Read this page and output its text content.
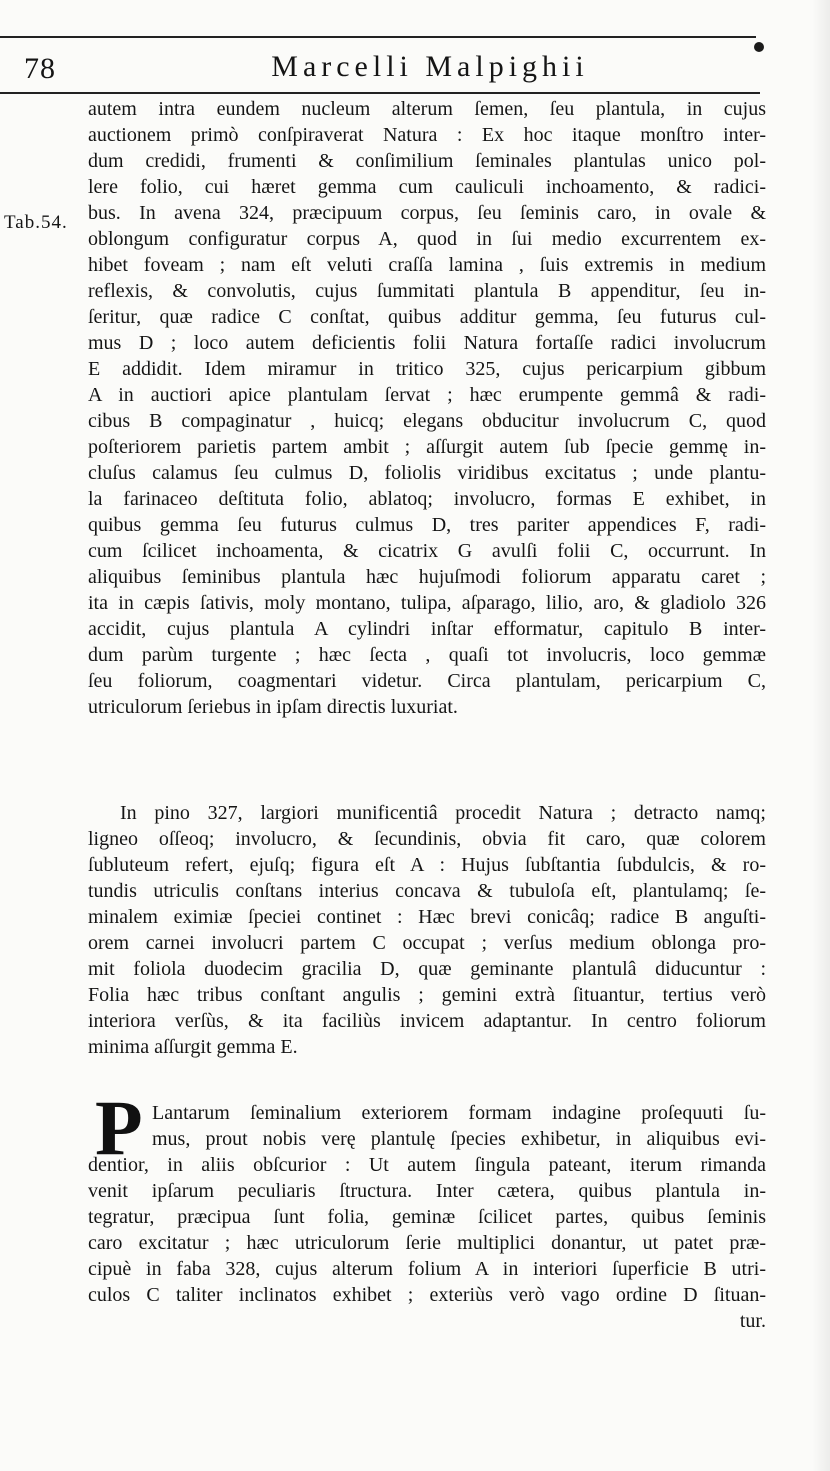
78	Marcelli Malpighii
Tab.54.
autem intra eundem nucleum alterum ſemen, ſeu plantula, in cujus
auctionem primò conſpiraverat Natura : Ex hoc itaque monſtro inter-
dum credidi, frumenti & conſimilium ſeminales plantulas unico pol-
lere folio, cui hæret gemma cum cauliculi inchoamento, & radici-
bus. In avena 324, præcipuum corpus, ſeu ſeminis caro, in ovale &
oblongum configuratur corpus A, quod in ſui medio excurrentem ex-
hibet foveam ; nam eſt veluti craſſa lamina , ſuis extremis in medium
reflexis, & convolutis, cujus ſummitati plantula B appenditur, ſeu in-
ſeritur, quæ radice C conſtat, quibus additur gemma, ſeu futurus cul-
mus D ; loco autem deficientis folii Natura fortaſſe radici involucrum
E addidit. Idem miramur in tritico 325, cujus pericarpium gibbum
A in auctiori apice plantulam ſervat ; hæc erumpente gemmâ & radi-
cibus B compaginatur , huicq; elegans obducitur involucrum C, quod
poſteriorem parietis partem ambit ; aſſurgit autem ſub ſpecie gemmę in-
cluſus calamus ſeu culmus D, foliolis viridibus excitatus ; unde plantu-
la farinaceo deſtituta folio, ablatoq; involucro, formas E exhibet, in
quibus gemma ſeu futurus culmus D, tres pariter appendices F, radi-
cum ſcilicet inchoamenta, & cicatrix G avulſi folii C, occurrunt. In
aliquibus ſeminibus plantula hæc hujuſmodi foliorum apparatu caret ;
ita in cæpis ſativis, moly montano, tulipa, aſparago, lilio, aro, & gladiolo 326
accidit, cujus plantula A cylindri inſtar efformatur, capitulo B inter-
dum parùm turgente ; hæc ſecta , quaſi tot involucris, loco gemmæ
ſeu foliorum, coagmentari videtur. Circa plantulam, pericarpium C,
utriculorum ſeriebus in ipſam directis luxuriat.
In pino 327, largiori munificentiâ procedit Natura ; detracto namq;
ligneo oſſeoq; involucro, & ſecundinis, obvia fit caro, quæ colorem
ſubluteum refert, ejuſq; figura eſt A : Hujus ſubſtantia ſubdulcis, & ro-
tundis utriculis conſtans interius concava & tubuloſa eſt, plantulamq; ſe-
minalem eximiæ ſpeciei continet : Hæc brevi conicâq; radice B anguſti-
orem carnei involucri partem C occupat ; verſus medium oblonga pro-
mit foliola duodecim gracilia D, quæ geminante plantulâ diducuntur :
Folia hæc tribus conſtant angulis ; gemini extrà ſituantur, tertius verò
interiora verſùs, & ita faciliùs invicem adaptantur. In centro foliorum
minima aſſurgit gemma E.
P Lantarum ſeminalium exteriorem formam indagine proſequuti ſu-
mus, prout nobis verę plantulę ſpecies exhibetur, in aliquibus evi-
dentior, in aliis obſcurior : Ut autem ſingula pateant, iterum rimanda
venit ipſarum peculiaris ſtructura. Inter cætera, quibus plantula in-
tegratur, præcipua ſunt folia, geminæ ſcilicet partes, quibus ſeminis
caro excitatur ; hæc utriculorum ſerie multiplici donantur, ut patet præ-
cipuè in faba 328, cujus alterum folium A in interiori ſuperficie B utri-
culos C taliter inclinatos exhibet ; exteriùs verò vago ordine D ſituan-
tur.
